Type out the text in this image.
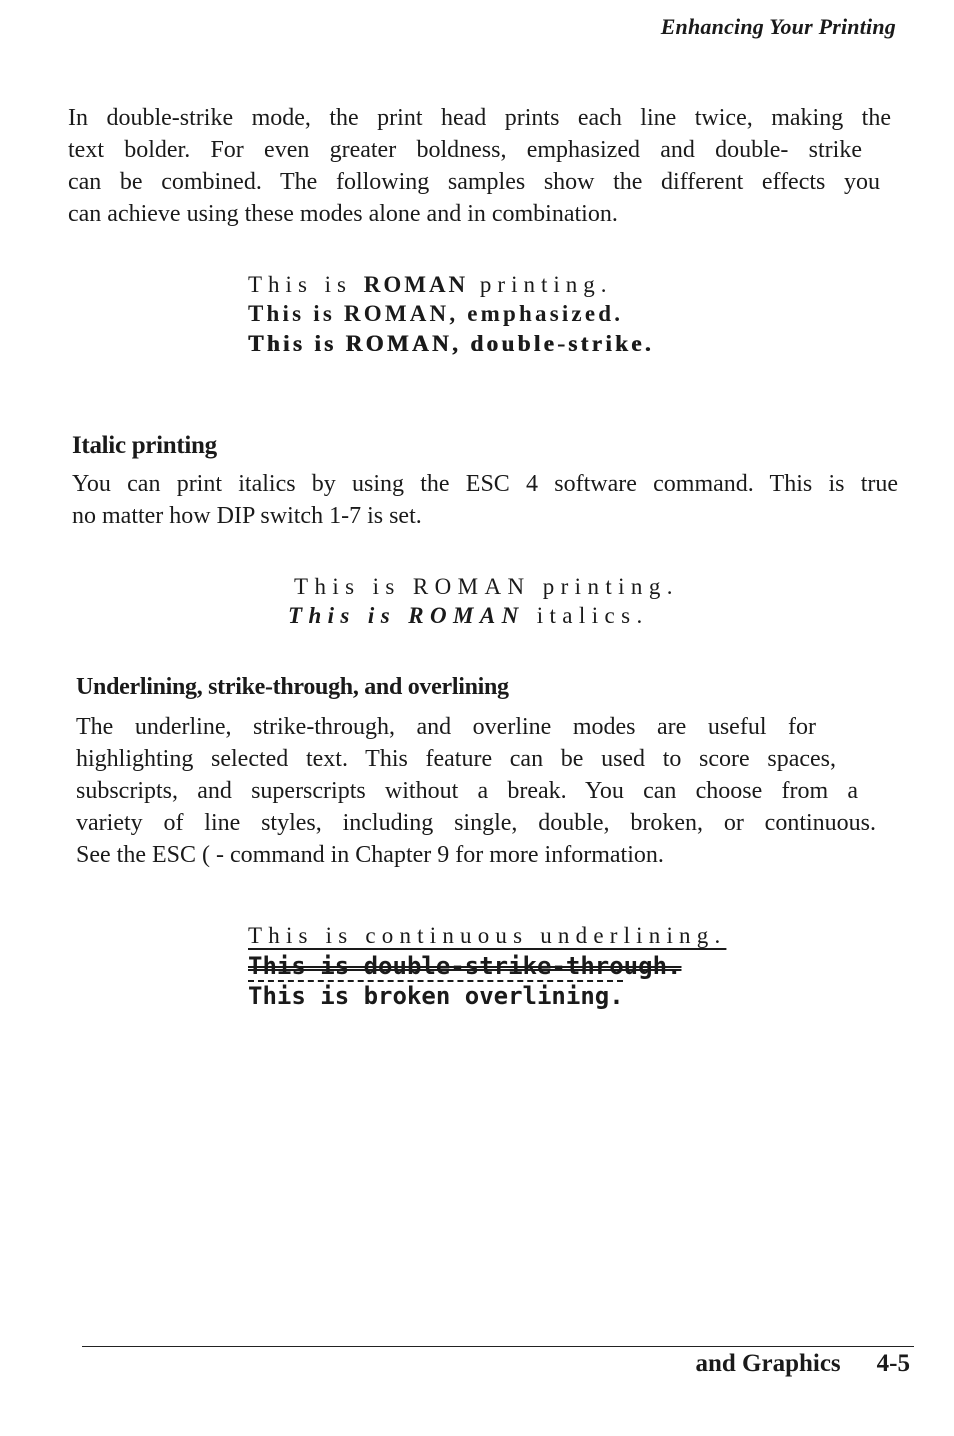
Enhancing Your Printing
In double-strike mode, the print head prints each line twice, making the
text bolder. For even greater boldness, emphasized and double- strike
can be combined. The following samples show the different effects you
can achieve using these modes alone and in combination.
This is ROMAN printing.
This is ROMAN, emphasized.
This is ROMAN, double-strike.
Italic printing
You can print italics by using the ESC 4 software command. This is true
no matter how DIP switch 1-7 is set.
This is ROMAN printing.
This is ROMAN italics.
Underlining, strike-through, and overlining
The underline, strike-through, and overline modes are useful for
highlighting selected text. This feature can be used to score spaces,
subscripts, and superscripts without a break. You can choose from a
variety of line styles, including single, double, broken, or continuous.
See the ESC ( - command in Chapter 9 for more information.
This is continuous underlining.
This is double-strike-through.
This is broken overlining.
and Graphics 4-5
